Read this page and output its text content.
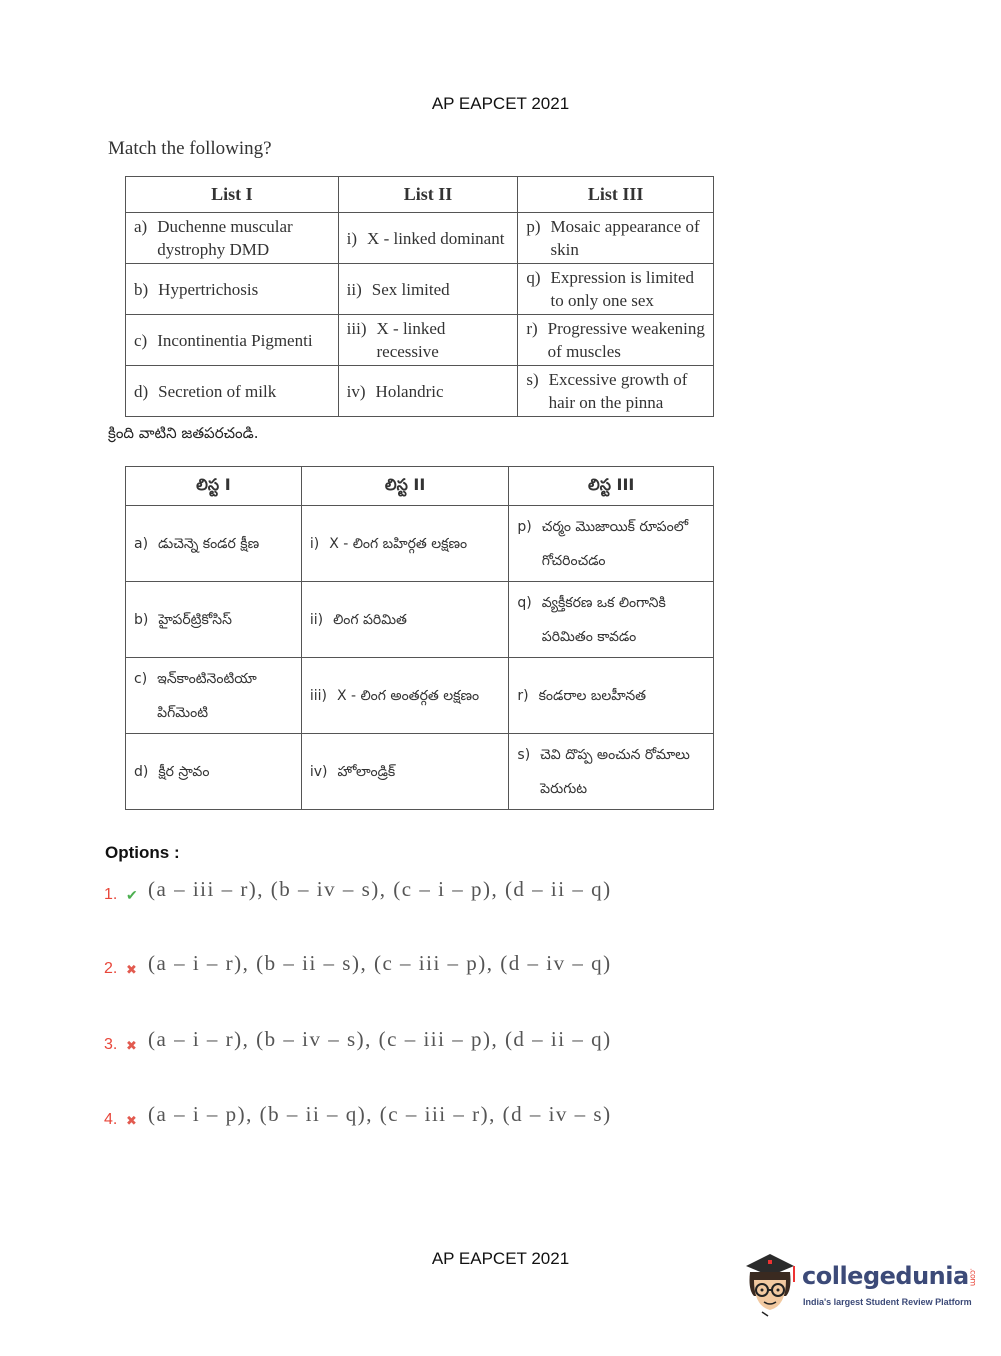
AP EAPCET 2021
Match the following?
List I	List II	List III

a) Duchenne muscular dystrophy DMD	i) X - linked dominant	p) Mosaic appearance of skin

b) Hypertrichosis	ii) Sex limited	q) Expression is limited to only one sex

c) Incontinentia Pigmenti	iii) X - linked recessive	r) Progressive weakening of muscles

d) Secretion of milk	iv) Holandric	s) Excessive growth of hair on the pinna
క్రింది వాటిని జతపరచండి.
లిస్ట I	లిస్ట II	లిస్ట III

a) డుచెన్నె కండర క్షీణ	i) X - లింగ బహిర్గత లక్షణం	p) చర్మం మొజాయిక్ రూపంలో గోచరించడం

b) హైపర్‌ట్రికోసిస్	ii) లింగ పరిమిత	q) వ్యక్తీకరణ ఒక లింగానికి పరిమితం కావడం

c) ఇన్‌కాంటినెంటియా పిగ్‌మెంటి	iii) X - లింగ అంతర్గత లక్షణం	r) కండరాల బలహీనత

d) క్షీర స్రావం	iv) హోలాండ్రిక్	s) చెవి దొప్ప అంచున రోమాలు పెరుగుట
Options :
1. ✔ (a – iii – r), (b – iv – s), (c – i – p), (d – ii – q)
2. ✖ (a – i – r), (b – ii – s), (c – iii – p), (d – iv – q)
3. ✖ (a – i – r), (b – iv – s), (c – iii – p), (d – ii – q)
4. ✖ (a – i – p), (b – ii – q), (c – iii – r), (d – iv – s)
AP EAPCET 2021
collegedunia.com
India's largest Student Review Platform
